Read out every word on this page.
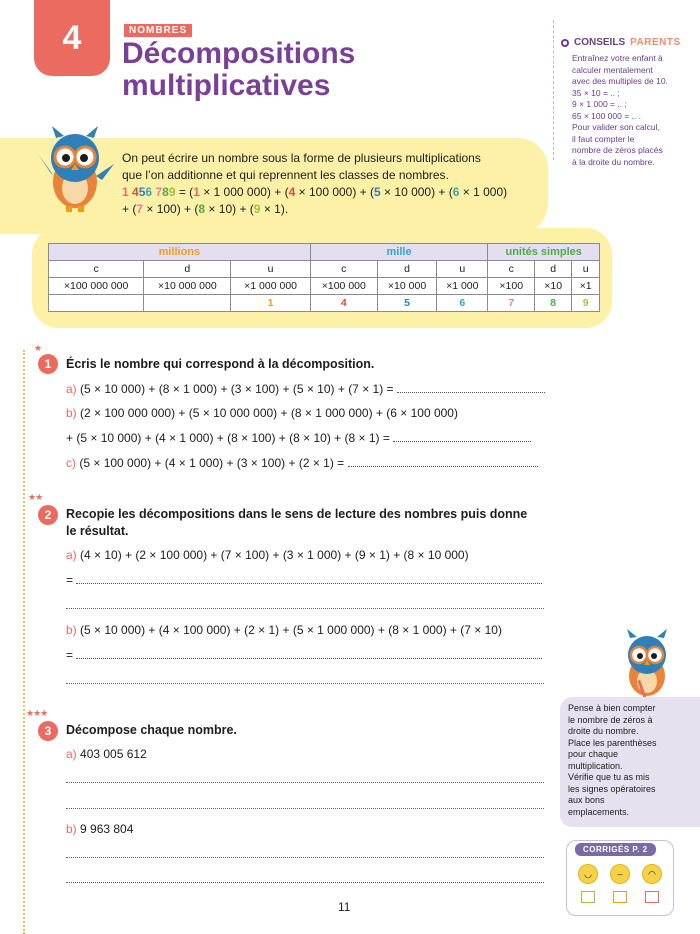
4	NOMBRES
Décompositions
multiplicatives
CONSEILS PARENTS
Entraînez votre enfant à
calculer mentalement
avec des multiples de 10.
35 × 10 = .. ;
9 × 1 000 = .. ;
65 × 100 000 = .. .
Pour valider son calcul,
il faut compter le
nombre de zéros placés
à la droite du nombre.
On peut écrire un nombre sous la forme de plusieurs multiplications
que l’on additionne et qui reprennent les classes de nombres.
1 456 789 = (1 × 1 000 000) + (4 × 100 000) + (5 × 10 000) + (6 × 1 000)
+ (7 × 100) + (8 × 10) + (9 × 1).
millions			mille			unités simples		
c	d	u	c	d	u	c	d	u
×100 000 000	×10 000 000	×1 000 000	×100 000	×10 000	×1 000	×100	×10	×1
		1	4	5	6	7	8	9
★
1	Écris le nombre qui correspond à la décomposition.
a) (5 × 10 000) + (8 × 1 000) + (3 × 100) + (5 × 10) + (7 × 1) =
b) (2 × 100 000 000) + (5 × 10 000 000) + (8 × 1 000 000) + (6 × 100 000)
+ (5 × 10 000) + (4 × 1 000) + (8 × 100) + (8 × 10) + (8 × 1) =
c) (5 × 100 000) + (4 × 1 000) + (3 × 100) + (2 × 1) =
★★
2	Recopie les décompositions dans le sens de lecture des nombres puis donne
le résultat.
a) (4 × 10) + (2 × 100 000) + (7 × 100) + (3 × 1 000) + (9 × 1) + (8 × 10 000)
=
b) (5 × 10 000) + (4 × 100 000) + (2 × 1) + (5 × 1 000 000) + (8 × 1 000) + (7 × 10)
=
★★★
3	Décompose chaque nombre.
a) 403 005 612
b) 9 963 804
Pense à bien compter
le nombre de zéros à
droite du nombre.
Place les parenthèses
pour chaque
multiplication.
Vérifie que tu as mis
les signes opératoires
aux bons
emplacements.
CORRIGÉS P. 2
◡	–	◠
11
